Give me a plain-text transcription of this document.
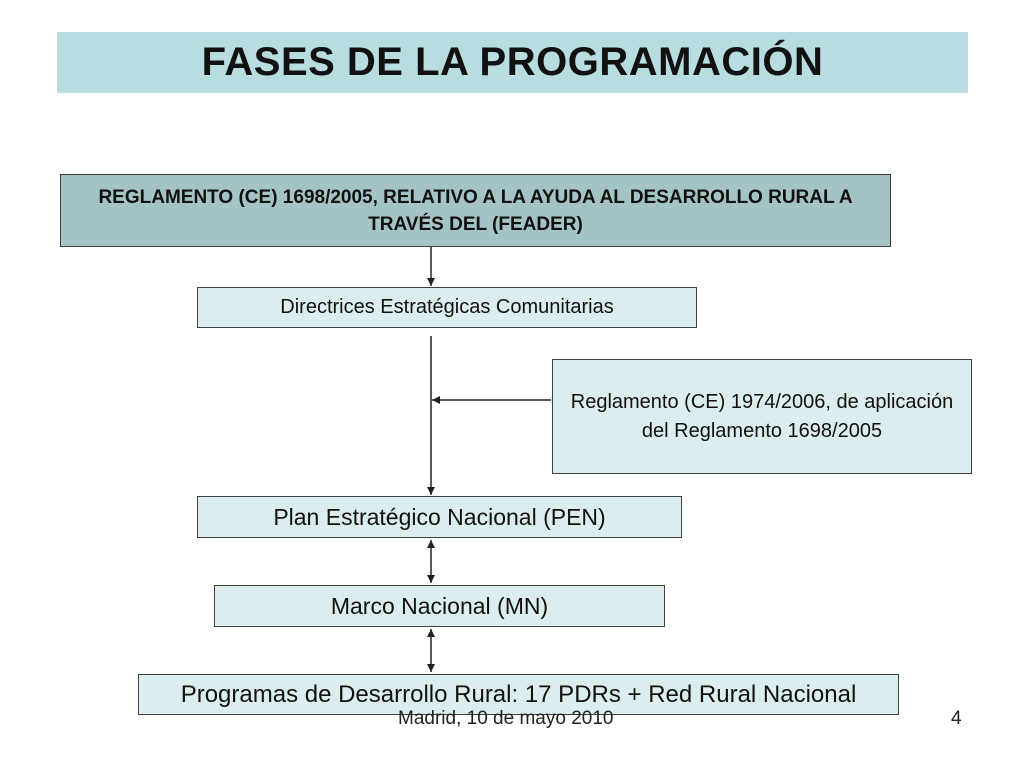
FASES DE LA PROGRAMACIÓN
REGLAMENTO (CE) 1698/2005, RELATIVO A LA AYUDA AL DESARROLLO RURAL A TRAVÉS DEL (FEADER)
Directrices Estratégicas Comunitarias
Reglamento (CE) 1974/2006, de aplicación del Reglamento 1698/2005
Plan Estratégico Nacional (PEN)
Marco Nacional (MN)
Programas de Desarrollo Rural: 17 PDRs + Red Rural Nacional
Madrid, 10 de mayo 2010	4
